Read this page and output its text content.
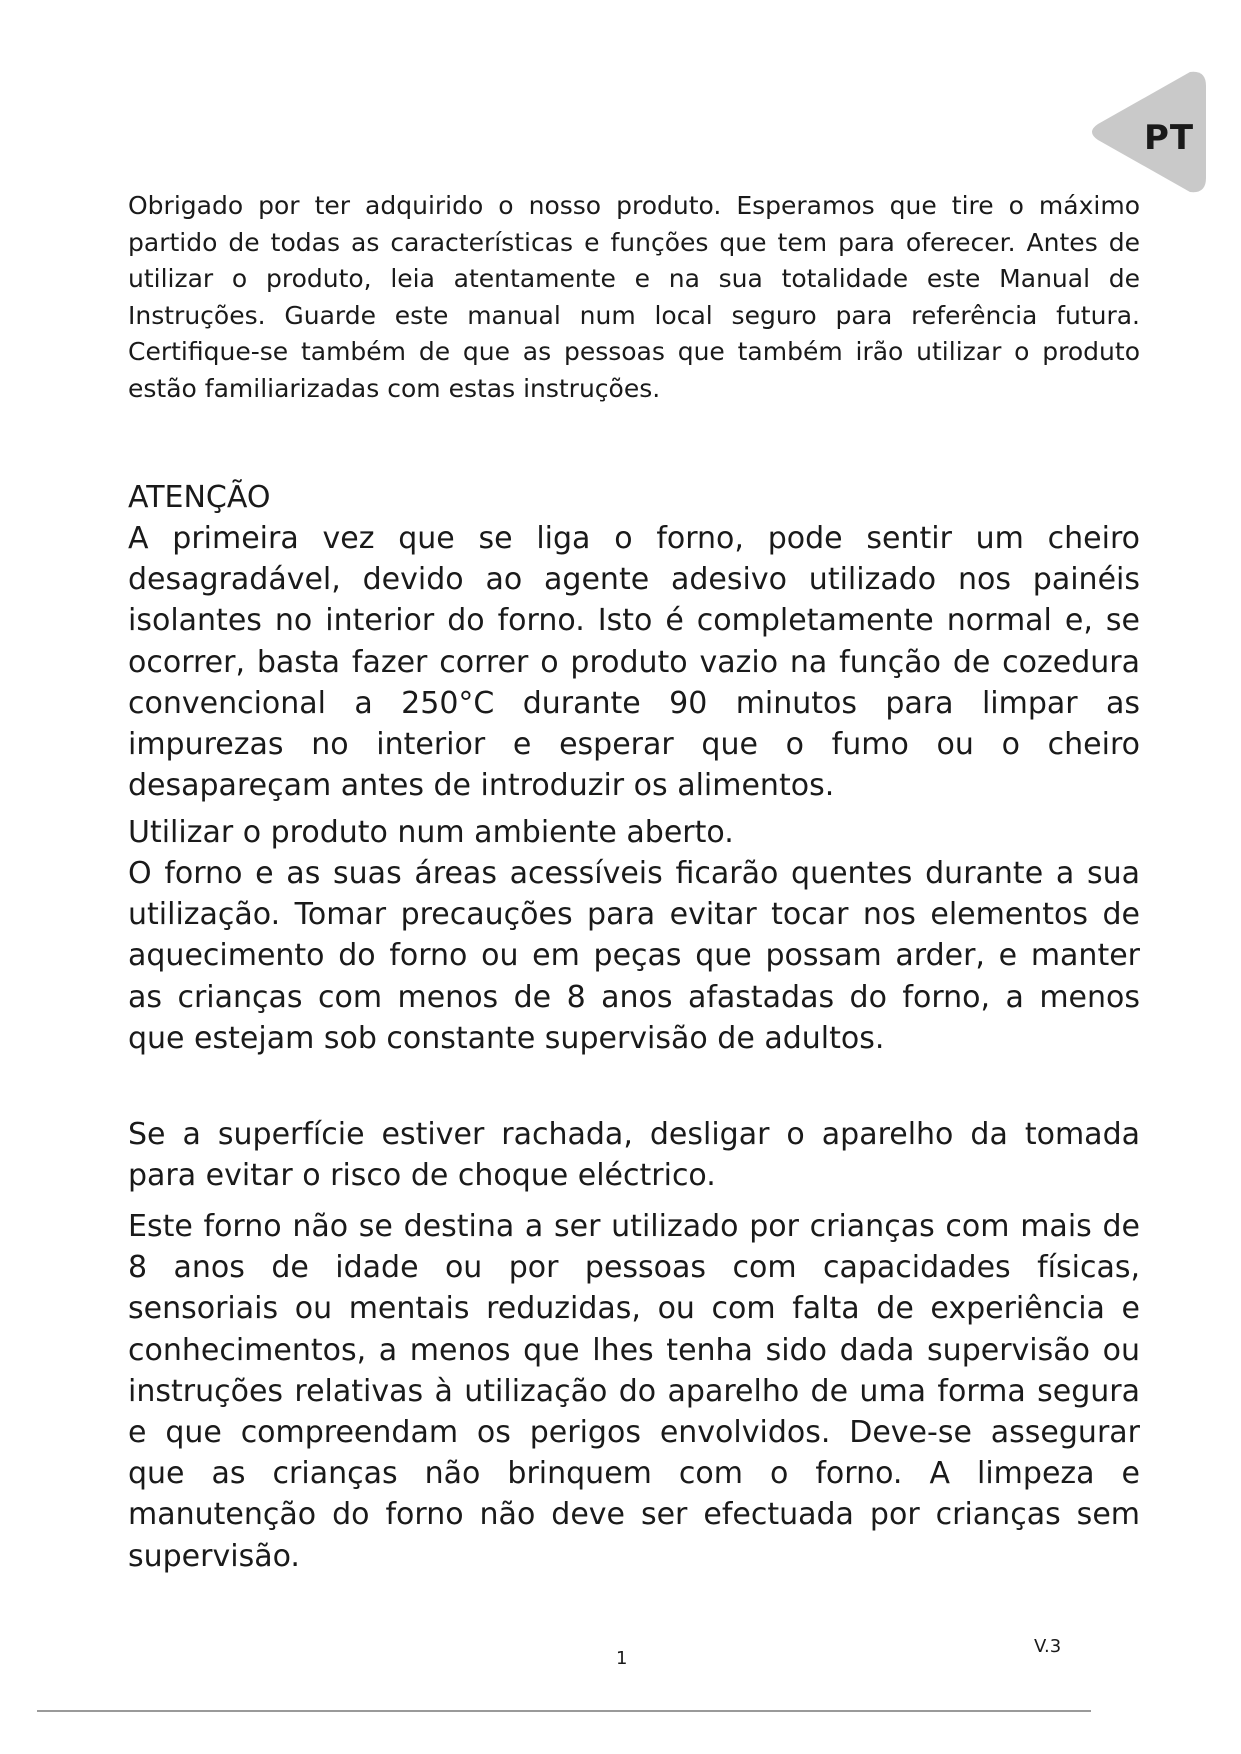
PT

Obrigado por ter adquirido o nosso produto. Esperamos que tire o máximo partido de todas as características e funções que tem para oferecer. Antes de utilizar o produto, leia atentamente e na sua totalidade este Manual de Instruções. Guarde este manual num local seguro para referência futura. Certifique-se também de que as pessoas que também irão utilizar o produto estão familiarizadas com estas instruções.

ATENÇÃO

A primeira vez que se liga o forno, pode sentir um cheiro desagradável, devido ao agente adesivo utilizado nos painéis isolantes no interior do forno. Isto é completamente normal e, se ocorrer, basta fazer correr o produto vazio na função de cozedura convencional a 250°C durante 90 minutos para limpar as impurezas no interior e esperar que o fumo ou o cheiro desapareçam antes de introduzir os alimentos.

Utilizar o produto num ambiente aberto.

O forno e as suas áreas acessíveis ficarão quentes durante a sua utilização. Tomar precauções para evitar tocar nos elementos de aquecimento do forno ou em peças que possam arder, e manter as crianças com menos de 8 anos afastadas do forno, a menos que estejam sob constante supervisão de adultos.

Se a superfície estiver rachada, desligar o aparelho da tomada para evitar o risco de choque eléctrico.

Este forno não se destina a ser utilizado por crianças com mais de 8 anos de idade ou por pessoas com capacidades físicas, sensoriais ou mentais reduzidas, ou com falta de experiência e conhecimentos, a menos que lhes tenha sido dada supervisão ou instruções relativas à utilização do aparelho de uma forma segura e que compreendam os perigos envolvidos. Deve-se assegurar que as crianças não brinquem com o forno. A limpeza e manutenção do forno não deve ser efectuada por crianças sem supervisão.

1
V.3
